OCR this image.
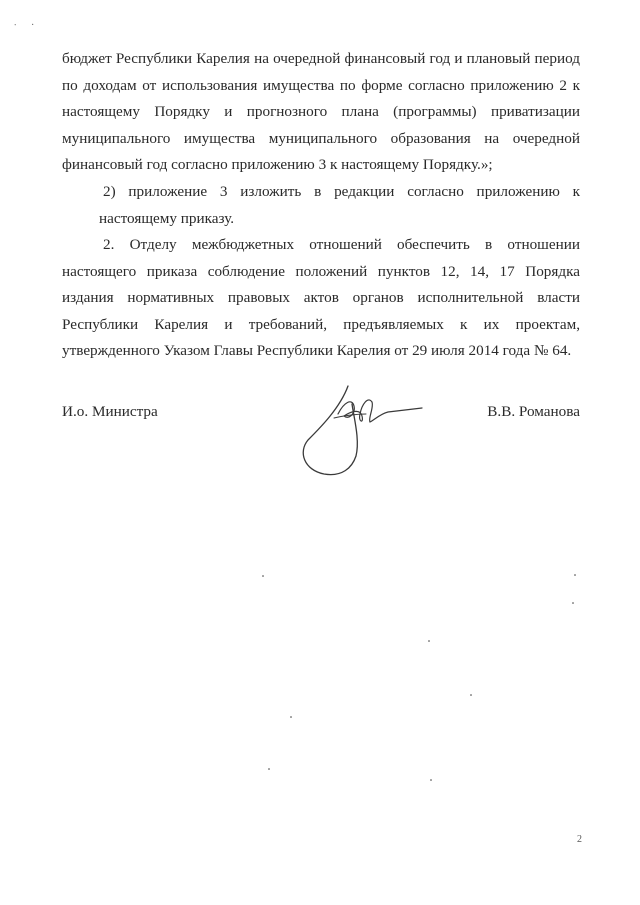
∙ ·
бюджет Республики Карелия на очередной финансовый год и плановый период
по доходам от использования имущества по форме согласно приложению 2 к
настоящему Порядку и прогнозного плана (программы) приватизации
муниципального имущества муниципального образования на очередной
финансовый год согласно приложению 3 к настоящему Порядку.»;
2) приложение 3 изложить в редакции согласно приложению к
настоящему приказу.
2. Отделу межбюджетных отношений обеспечить в отношении
настоящего приказа соблюдение положений пунктов 12, 14, 17 Порядка
издания нормативных правовых актов органов исполнительной власти
Республики Карелия и требований, предъявляемых к их проектам,
утвержденного Указом Главы Республики Карелия от 29 июля 2014 года № 64.
И.о. Министра	В.В. Романова
2
